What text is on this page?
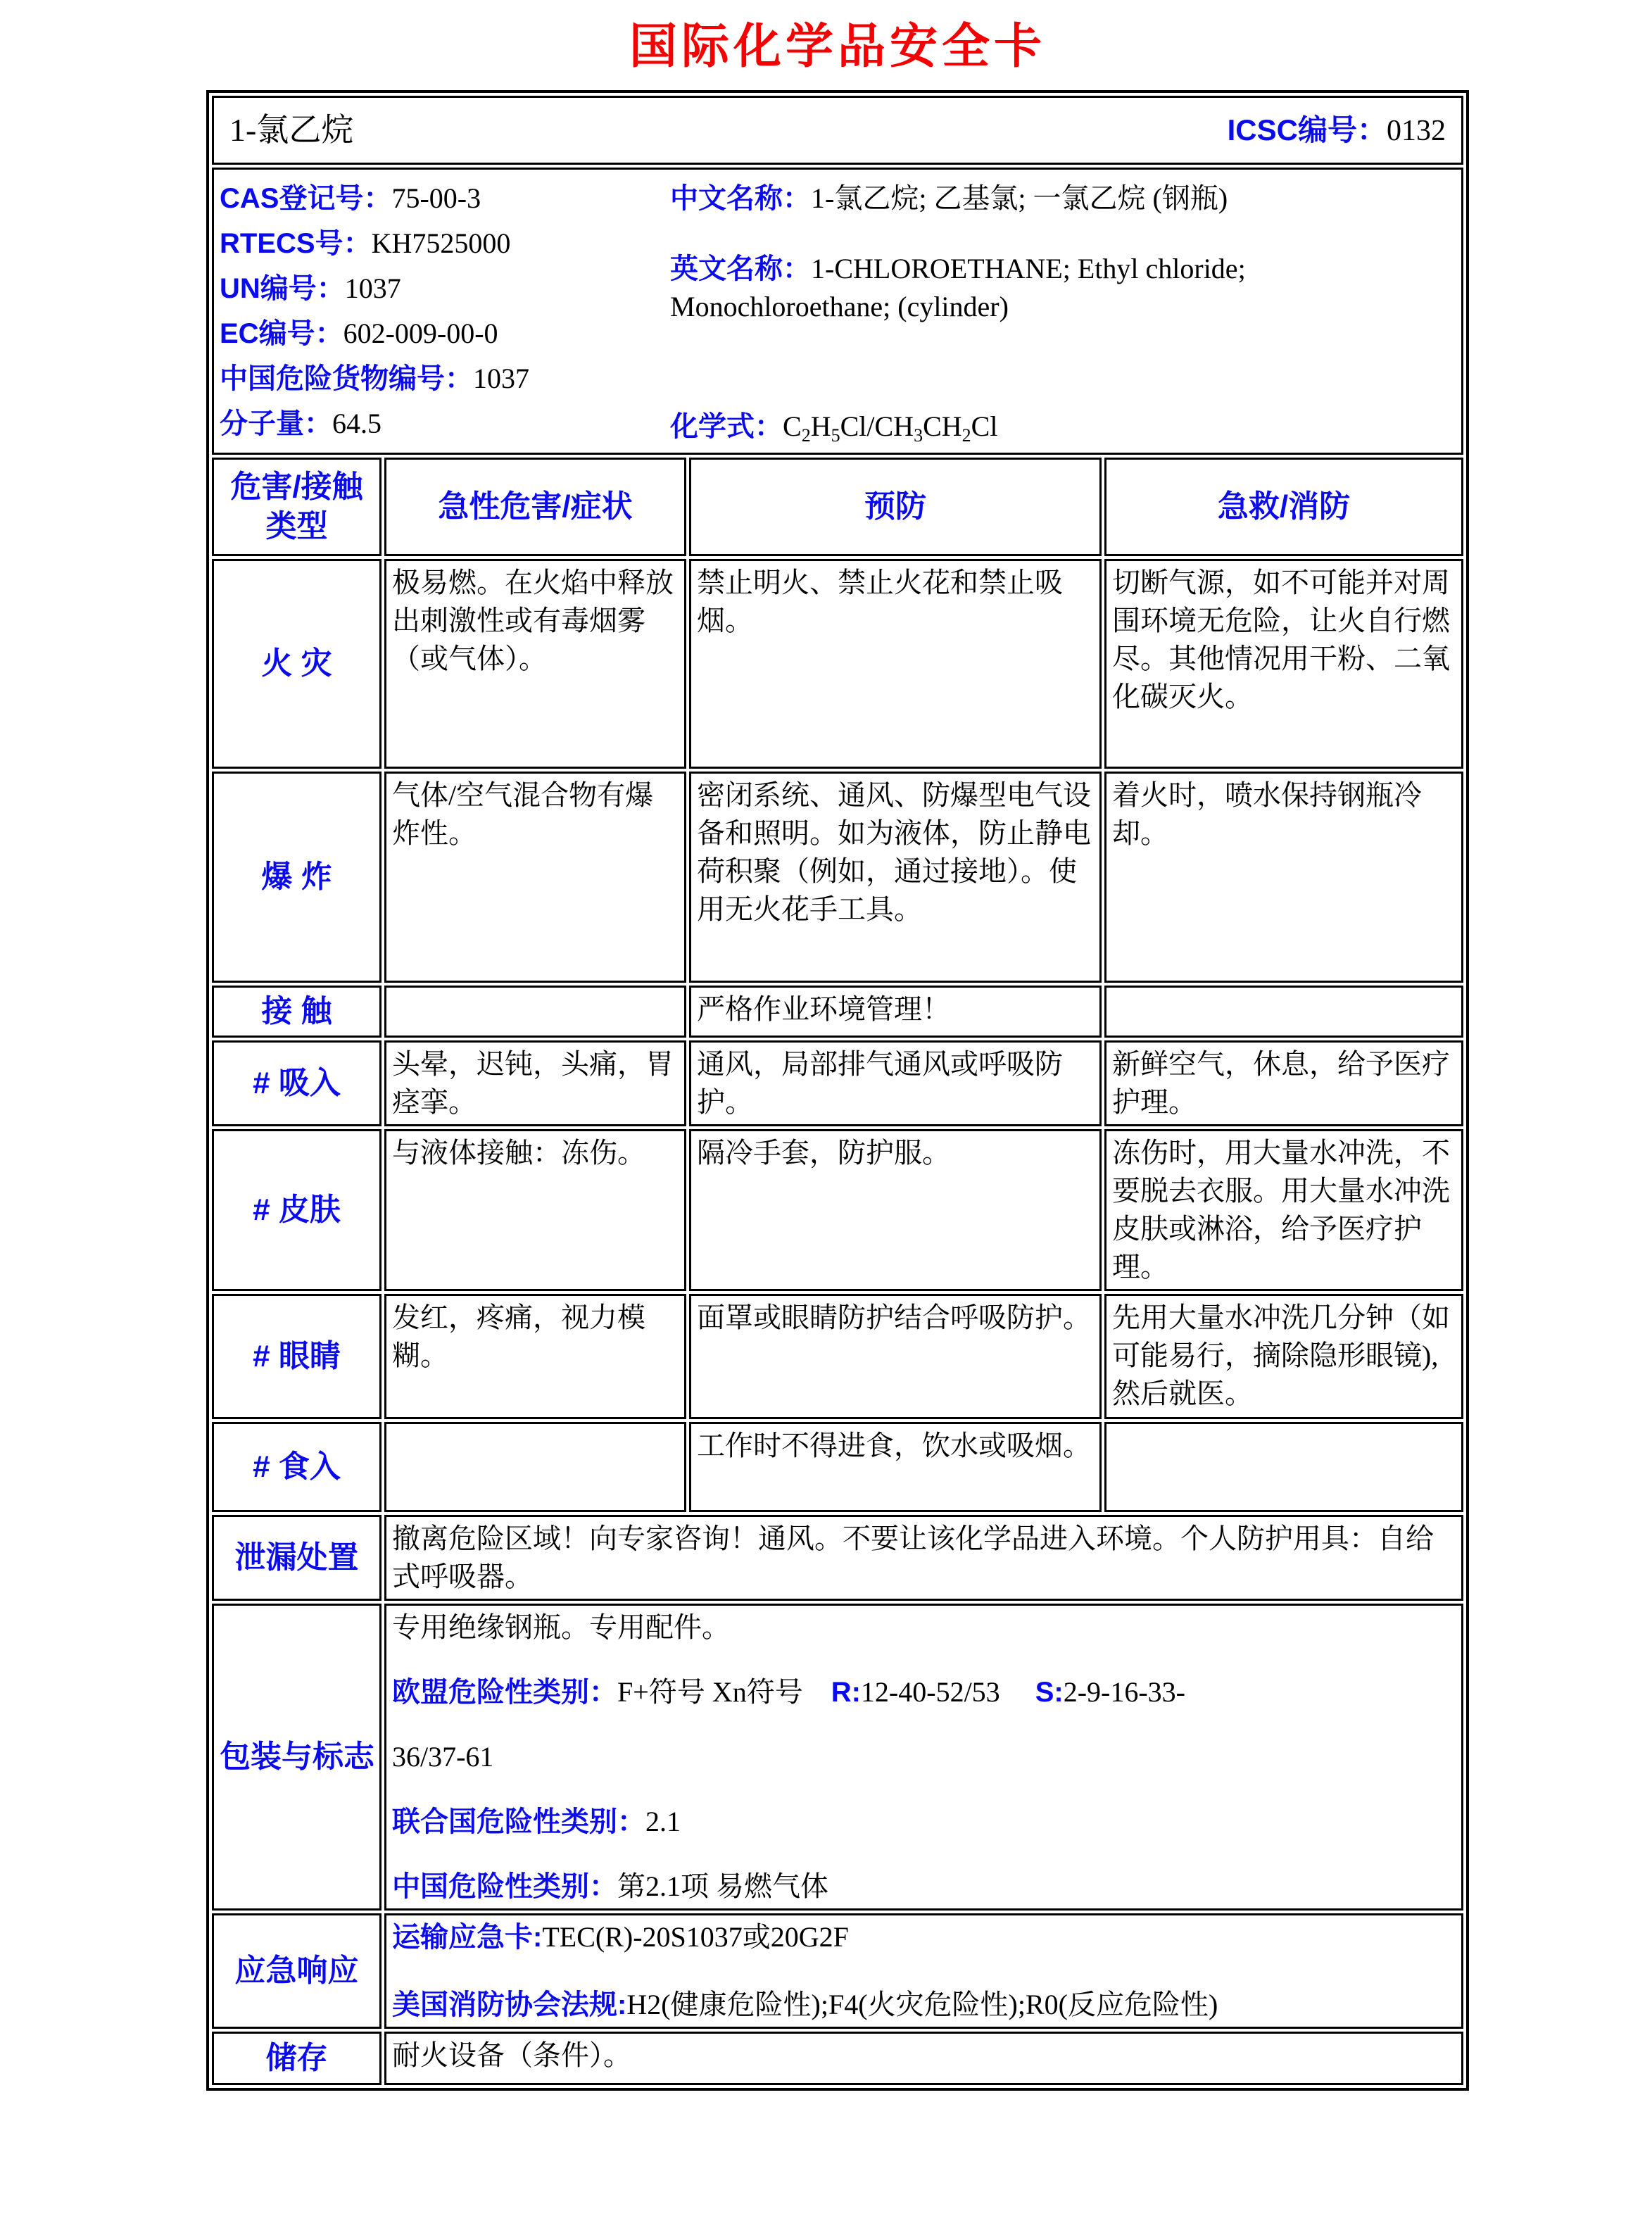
国际化学品安全卡
1-氯乙烷 ICSC编号：0132			

CAS登记号：75-00-3
RTECS号：KH7525000
UN编号：1037
EC编号：602-009-00-0
中国危险货物编号：1037
分子量：64.5
中文名称：1-氯乙烷; 乙基氯; 一氯乙烷 (钢瓶)
英文名称：1-CHLOROETHANE; Ethyl chloride; Monochloroethane; (cylinder)
化学式：C2H5Cl/CH3CH2Cl

危害/接触类型	急性危害/症状	预防	急救/消防
火 灾	极易燃。在火焰中释放出刺激性或有毒烟雾（或气体）。	禁止明火、禁止火花和禁止吸烟。	切断气源，如不可能并对周围环境无危险，让火自行燃尽。其他情况用干粉、二氧化碳灭火。
爆 炸	气体/空气混合物有爆炸性。	密闭系统、通风、防爆型电气设备和照明。如为液体，防止静电荷积聚（例如，通过接地）。使用无火花手工具。	着火时，喷水保持钢瓶冷却。
接 触		严格作业环境管理！	
# 吸入	头晕，迟钝，头痛，胃痉挛。	通风，局部排气通风或呼吸防护。	新鲜空气，休息，给予医疗护理。
# 皮肤	与液体接触：冻伤。	隔冷手套，防护服。	冻伤时，用大量水冲洗，不要脱去衣服。用大量水冲洗皮肤或淋浴，给予医疗护理。
# 眼睛	发红，疼痛，视力模糊。	面罩或眼睛防护结合呼吸防护。	先用大量水冲洗几分钟（如可能易行，摘除隐形眼镜),然后就医。
# 食入		工作时不得进食，饮水或吸烟。	
泄漏处置	撤离危险区域！向专家咨询！通风。不要让该化学品进入环境。个人防护用具：自给式呼吸器。		
包装与标志	专用绝缘钢瓶。专用配件。
欧盟危险性类别：F+符号 Xn符号　R:12-40-52/53　 S:2-9-16-33-
36/37-61
联合国危险性类别：2.1
中国危险性类别：第2.1项 易燃气体		

应急响应	运输应急卡:TEC(R)-20S1037或20G2F
美国消防协会法规:H2(健康危险性);F4(火灾危险性);R0(反应危险性)		

储存	耐火设备（条件）。		
